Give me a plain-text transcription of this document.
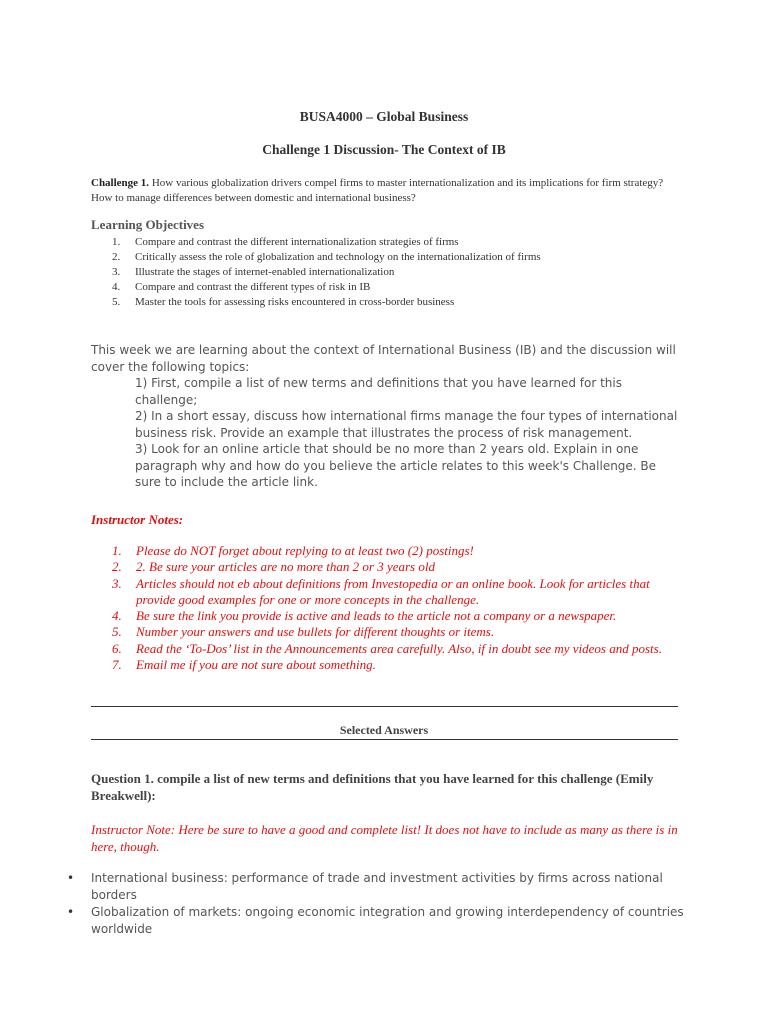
BUSA4000 – Global Business
Challenge 1 Discussion- The Context of IB
Challenge 1. How various globalization drivers compel firms to master internationalization and its implications for firm strategy? How to manage differences between domestic and international business?
Learning Objectives
1. Compare and contrast the different internationalization strategies of firms
2. Critically assess the role of globalization and technology on the internationalization of firms
3. Illustrate the stages of internet-enabled internationalization
4. Compare and contrast the different types of risk in IB
5. Master the tools for assessing risks encountered in cross-border business
This week we are learning about the context of International Business (IB) and the discussion will cover the following topics:
1) First, compile a list of new terms and definitions that you have learned for this challenge;
2) In a short essay, discuss how international firms manage the four types of international business risk. Provide an example that illustrates the process of risk management.
3) Look for an online article that should be no more than 2 years old. Explain in one paragraph why and how do you believe the article relates to this week's Challenge. Be sure to include the article link.
Instructor Notes:
1. Please do NOT forget about replying to at least two (2) postings!
2. 2. Be sure your articles are no more than 2 or 3 years old
3. Articles should not eb about definitions from Investopedia or an online book. Look for articles that provide good examples for one or more concepts in the challenge.
4. Be sure the link you provide is active and leads to the article not a company or a newspaper.
5. Number your answers and use bullets for different thoughts or items.
6. Read the ‘To-Dos’ list in the Announcements area carefully. Also, if in doubt see my videos and posts.
7. Email me if you are not sure about something.
Selected Answers
Question 1. compile a list of new terms and definitions that you have learned for this challenge (Emily Breakwell):
Instructor Note: Here be sure to have a good and complete list! It does not have to include as many as there is in here, though.
• International business: performance of trade and investment activities by firms across national borders
• Globalization of markets: ongoing economic integration and growing interdependency of countries worldwide
